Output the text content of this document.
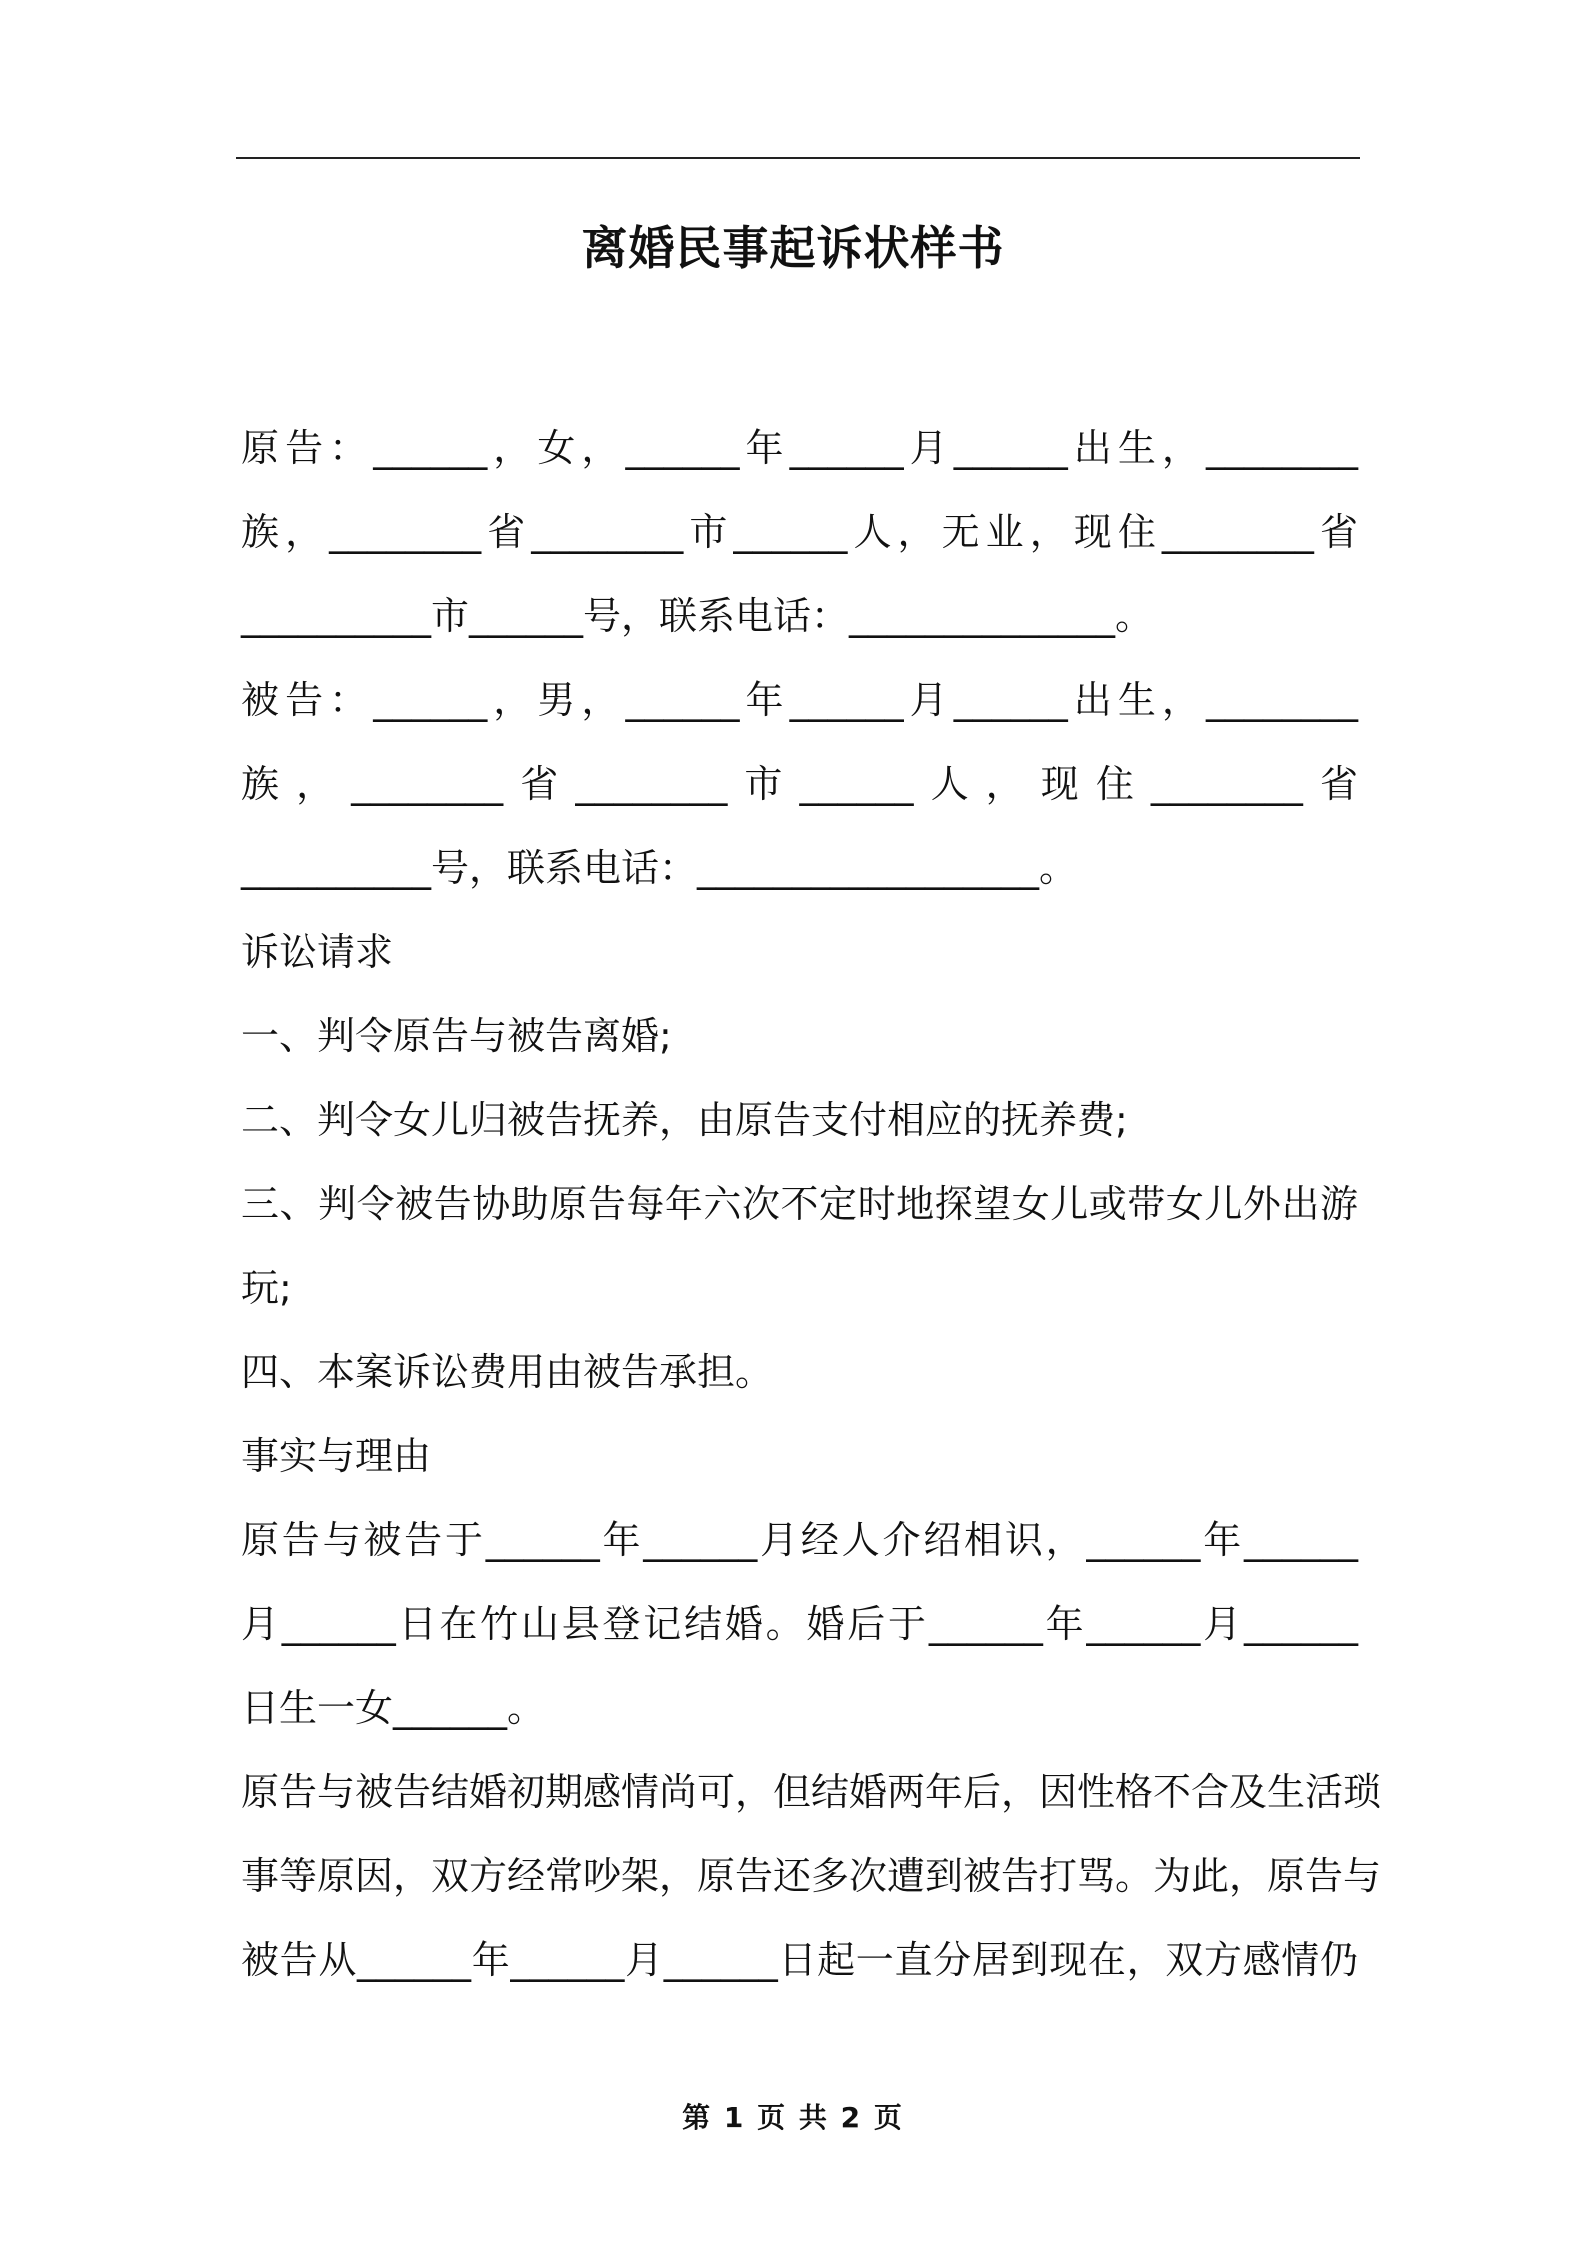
离婚民事起诉状样书
原告：______，女，______年______月______出生，________
族，________省________市______人，无业，现住________省
__________市______号，联系电话：______________。
被告：______，男，______年______月______出生，________
族，________省________市______人，现住________省
__________号，联系电话：__________________。
诉讼请求
一、判令原告与被告离婚;
二、判令女儿归被告抚养，由原告支付相应的抚养费;
三、判令被告协助原告每年六次不定时地探望女儿或带女儿外出游
玩;
四、本案诉讼费用由被告承担。
事实与理由
原告与被告于______年______月经人介绍相识，______年______
月______日在竹山县登记结婚。婚后于______年______月______
日生一女______。
原告与被告结婚初期感情尚可，但结婚两年后，因性格不合及生活琐
事等原因，双方经常吵架，原告还多次遭到被告打骂。为此，原告与
被告从______年______月______日起一直分居到现在，双方感情仍
第 1 页 共 2 页
